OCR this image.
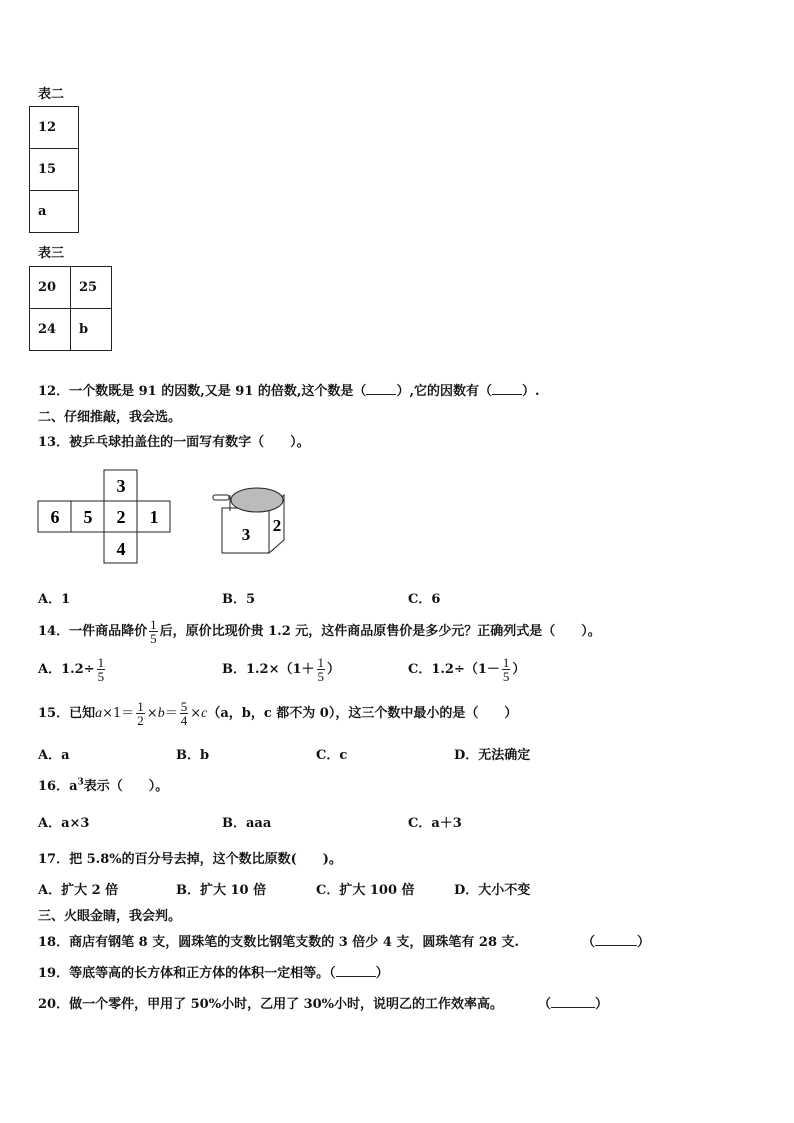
表二
12
15
a
表三
20	25
24	b
12．一个数既是 91 的因数,又是 91 的倍数,这个数是（ ）,它的因数有（ ）.
二、仔细推敲，我会选。
13．被乒乓球拍盖住的一面写有数字（　　）。
3
6 5 2 1
4
3 2
A．1	B．5	C．6
14．一件商品降价 $\frac{1}{5}$ 后，原价比现价贵 1.2 元，这件商品原售价是多少元？正确列式是（　　）。
A．$1.2\div \frac{1}{5}$	B．$1.2\times(1+ \frac{1}{5}$ ）	C．$1.2\div(1- \frac{1}{5}$ ）
15．已知$a\times 1= \frac{1}{2} \times b= \frac{5}{4} \times c(a$，b，c 都不为 0），这三个数中最小的是（　　）
A．a	B．b	C．c	D．无法确定
16．$a^3$表示（　　）。
A．a×3	B．aaa	C．a＋3
17．把 5.8%的百分号去掉，这个数比原数(　　)。
A．扩大 2 倍	B．扩大 10 倍	C．扩大 100 倍	D．大小不变
三、火眼金睛，我会判。
18．商店有钢笔 8 支，圆珠笔的支数比钢笔支数的 3 倍少 4 支，圆珠笔有 28 支.	（	）
19．等底等高的长方体和正方体的体积一定相等。（	）
20．做一个零件，甲用了 50%小时，乙用了 30%小时，说明乙的工作效率高。	（	）
